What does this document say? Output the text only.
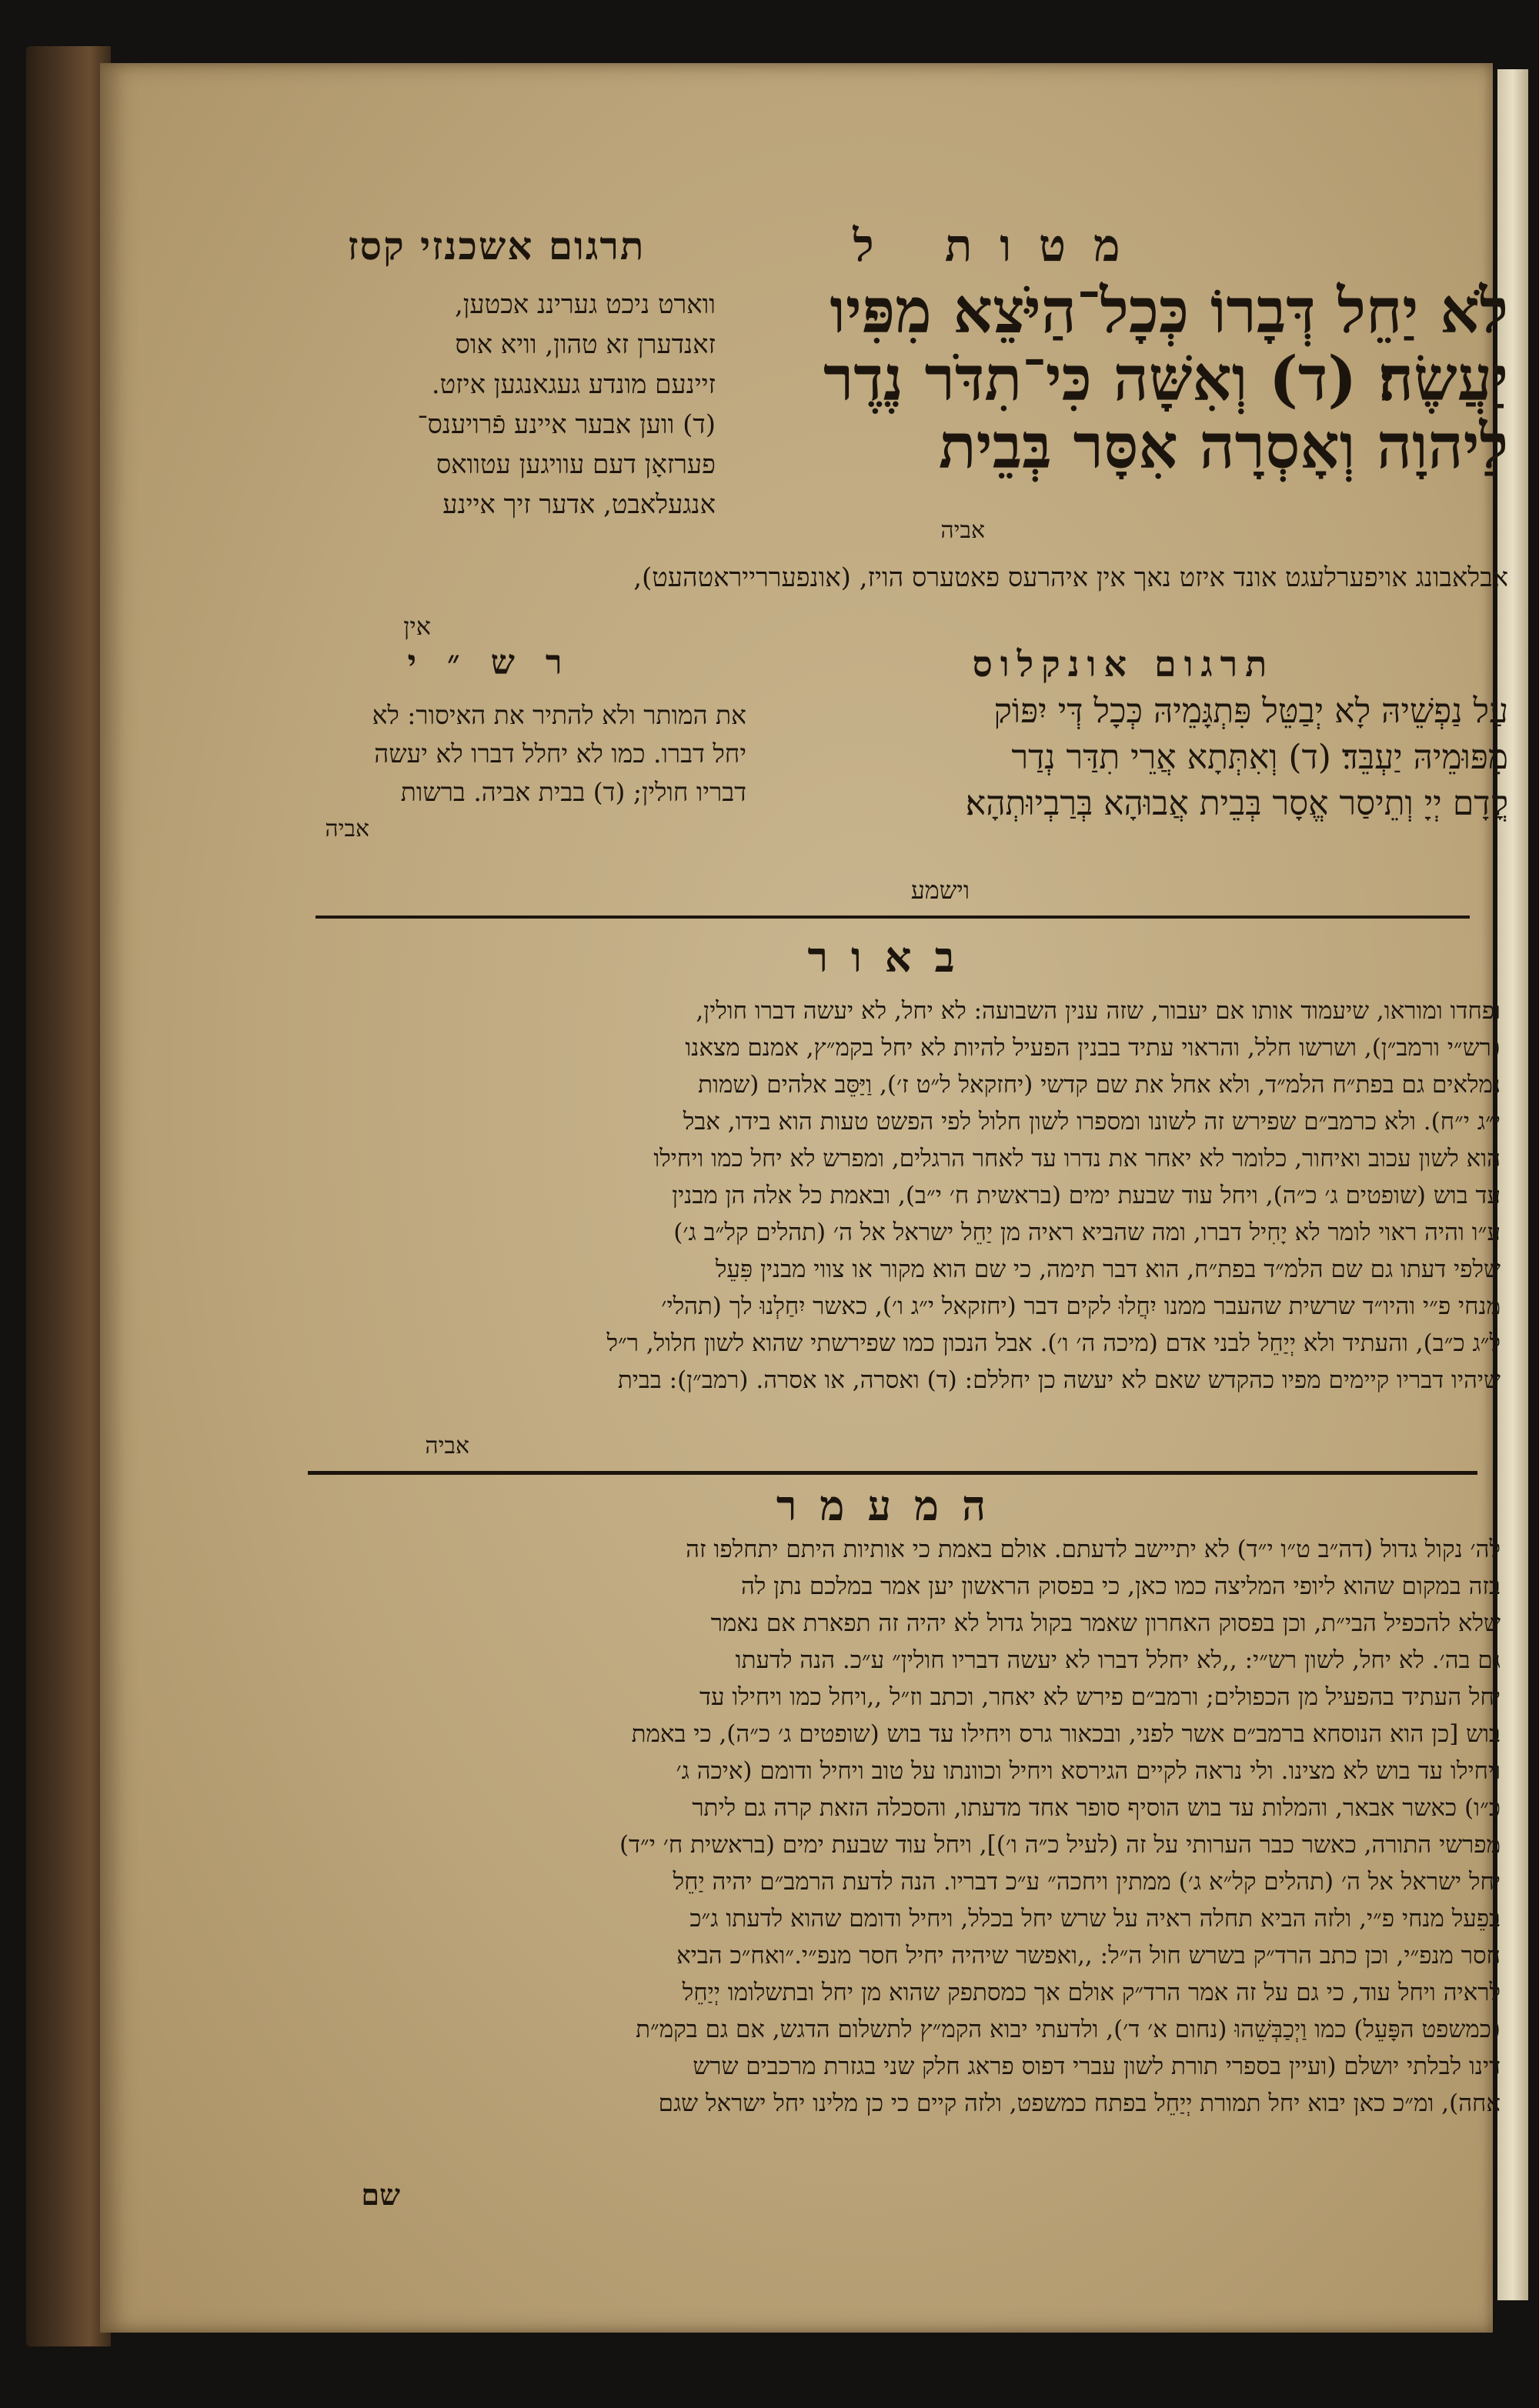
תרגום אשכנזי קסז	מטות ל
לֹא יַחֵל דְּבָרוֹ כְּכָל־הַיֹּצֵא מִפִּיו
יַעֲשֶׂה׃ (ד) וְאִשָּׁה כִּי־תִדֹּר נֶדֶר
לַיהוָה וְאָסְרָה אִסָּר בְּבֵית
אביה
ווארט ניכט געריננ אכטען,
זאנדערן זא טהון, וויא אוס
זיינעם מונדע געגאנגען איזט.
(ד) ווען אבער איינע פֿרויענס־
פערזאָן דעם עוויגען עטוואס
אנגעלאבט, אדער זיך איינע
אבלאבונג אויפערלעגט אונד איזט נאך אין איהרעס פאטערס הויז, (אונפעררייראטהעט),
אין
תרגום אונקלוס
רש״י
עַל נַפְשֵׁיהּ לָא יְבַטֵּל פִּתְגָּמֵיהּ כְּכָל דְּי יִפּוֹק
מִפּוּמֵיהּ יַעְבֵּד׃ (ד) וְאִתְּתָא אֲרֵי תִדַּר נְדַר
קֳדָם יְיָ וְתֵיסַר אֱסָר בְּבֵית אֲבוּהָא בְּרַבְיוּתְהָא׃
וישמע
את המותר ולא להתיר את האיסור: לא
יחל דברו. כמו לא יחלל דברו לא יעשה
דבריו חולין; (ד) בבית אביה. ברשות
אביה
באור
ופחדו ומוראו, שיעמוד אותו אם יעבור, שזה ענין השבועה: לא יחל, לא יעשה דברו חולין,
(רש״י ורמב״ן), ושרשו חלל, והראוי עתיד בבנין הפעיל להיות לא יחל בקמ״ץ, אמנם מצאנו
נמלאים גם בפת״ח הלמ״ד, ולא אחל את שם קדשי (יחזקאל ל״ט ז׳), וַיַּסֵּב אלהים (שמות
י״ג י״ח). ולא כרמב״ם שפירש זה לשונו ומספרו לשון חלול לפי הפשט טעות הוא בידו, אבל
הוא לשון עכוב ואיחור, כלומר לא יאחר את נדרו עד לאחר הרגלים, ומפרש לא יחל כמו ויחילו
עד בוש (שופטים ג׳ כ״ה), ויחל עוד שבעת ימים (בראשית ח׳ י״ב), ובאמת כל אלה הן מבנין
ע״ו והיה ראוי לומר לא יָחִיל דברו, ומה שהביא ראיה מן יַחֵל ישראל אל ה׳ (תהלים קל״ב ג׳)
שלפי דעתו גם שם הלמ״ד בפת״ח, הוא דבר תימה, כי שם הוא מקור או צווי מבנין פִּעֵל
מנחי פ״י והיו״ד שרשית שהעבר ממנו יִחֲלוּ לקים דבר (יחזקאל י״ג ו׳), כאשר יִחַלְנוּ לך (תהלי׳
ל״ג כ״ב), והעתיד ולא יְיַחֵל לבני אדם (מיכה ה׳ ו׳). אבל הנכון כמו שפירשתי שהוא לשון חלול, ר״ל
שיהיו דבריו קיימים מפיו כהקדש שאם לא יעשה כן יחללם: (ד) ואסרה, או אסרה. (רמב״ן): בבית
אביה
המעמר
לה׳ נקול גדול (דה״ב ט״ו י״ד) לא יתיישב לדעתם. אולם באמת כי אותיות היתם יתחלפו זה
בזה במקום שהוא ליופי המליצה כמו כאן, כי בפסוק הראשון יען אמר במלכם נתן לה
שלא להכפיל הבי״ת, וכן בפסוק האחרון שאמר בקול גדול לא יהיה זה תפארת אם נאמר
גם בה׳. לא יחל, לשון רש״י: ,,לא יחלל דברו לא יעשה דבריו חולין״ ע״כ. הנה לדעתו
יחל העתיד בהפעיל מן הכפולים; ורמב״ם פירש לא יאחר, וכתב וז״ל ,,ויחל כמו ויחילו עד
בוש [כן הוא הנוסחא ברמב״ם אשר לפני, ובכאור גרס ויחילו עד בוש (שופטים ג׳ כ״ה), כי באמת
ויחילו עד בוש לא מצינו. ולי נראה לקיים הגירסא ויחיל וכוונתו על טוב ויחיל ודומם (איכה ג׳
כ״ו) כאשר אבאר, והמלות עד בוש הוסיף סופר אחד מדעתו, והסכלה הזאת קרה גם ליתר
מפרשי התורה, כאשר כבר הערותי על זה (לעיל כ״ה ו׳)], ויחל עוד שבעת ימים (בראשית ח׳ י״ד)
יחל ישראל אל ה׳ (תהלים קל״א ג׳) ממתין ויחכה״ ע״כ דבריו. הנה לדעת הרמב״ם יהיה יַחֵל
בפֵעל מנחי פ״י, ולזה הביא תחלה ראיה על שרש יחל בכלל, ויחיל ודומם שהוא לדעתו ג״כ
חסר מנפ״י, וכן כתב הרד״ק בשרש חול ה״ל: ,,ואפשר שיהיה יחיל חסר מנפ״י.״ואח״כ הביא
לראיה ויחל עוד, כי גם על זה אמר הרד״ק אולם אך כמסתפק שהוא מן יחל ובתשלומו יְיַחֵל
(כמשפט הפָּעֵל) כמו וַיְכַבְּשֵׁהוּ (נחום א׳ ד׳), ולדעתי יבוא הקמ״ץ לתשלום הדגש, אם גם בקמ״ת
דינו לבלתי יושלם (ועיין בספרי תורת לשון עברי דפוס פראג חלק שני בגזרת מרכבים שרש
אחה), ומ״כ כאן יבוא יחל תמורת יְיַחֵל בפתח כמשפט, ולזה קיים כי כן מלינו יחל ישראל שגם
שם
